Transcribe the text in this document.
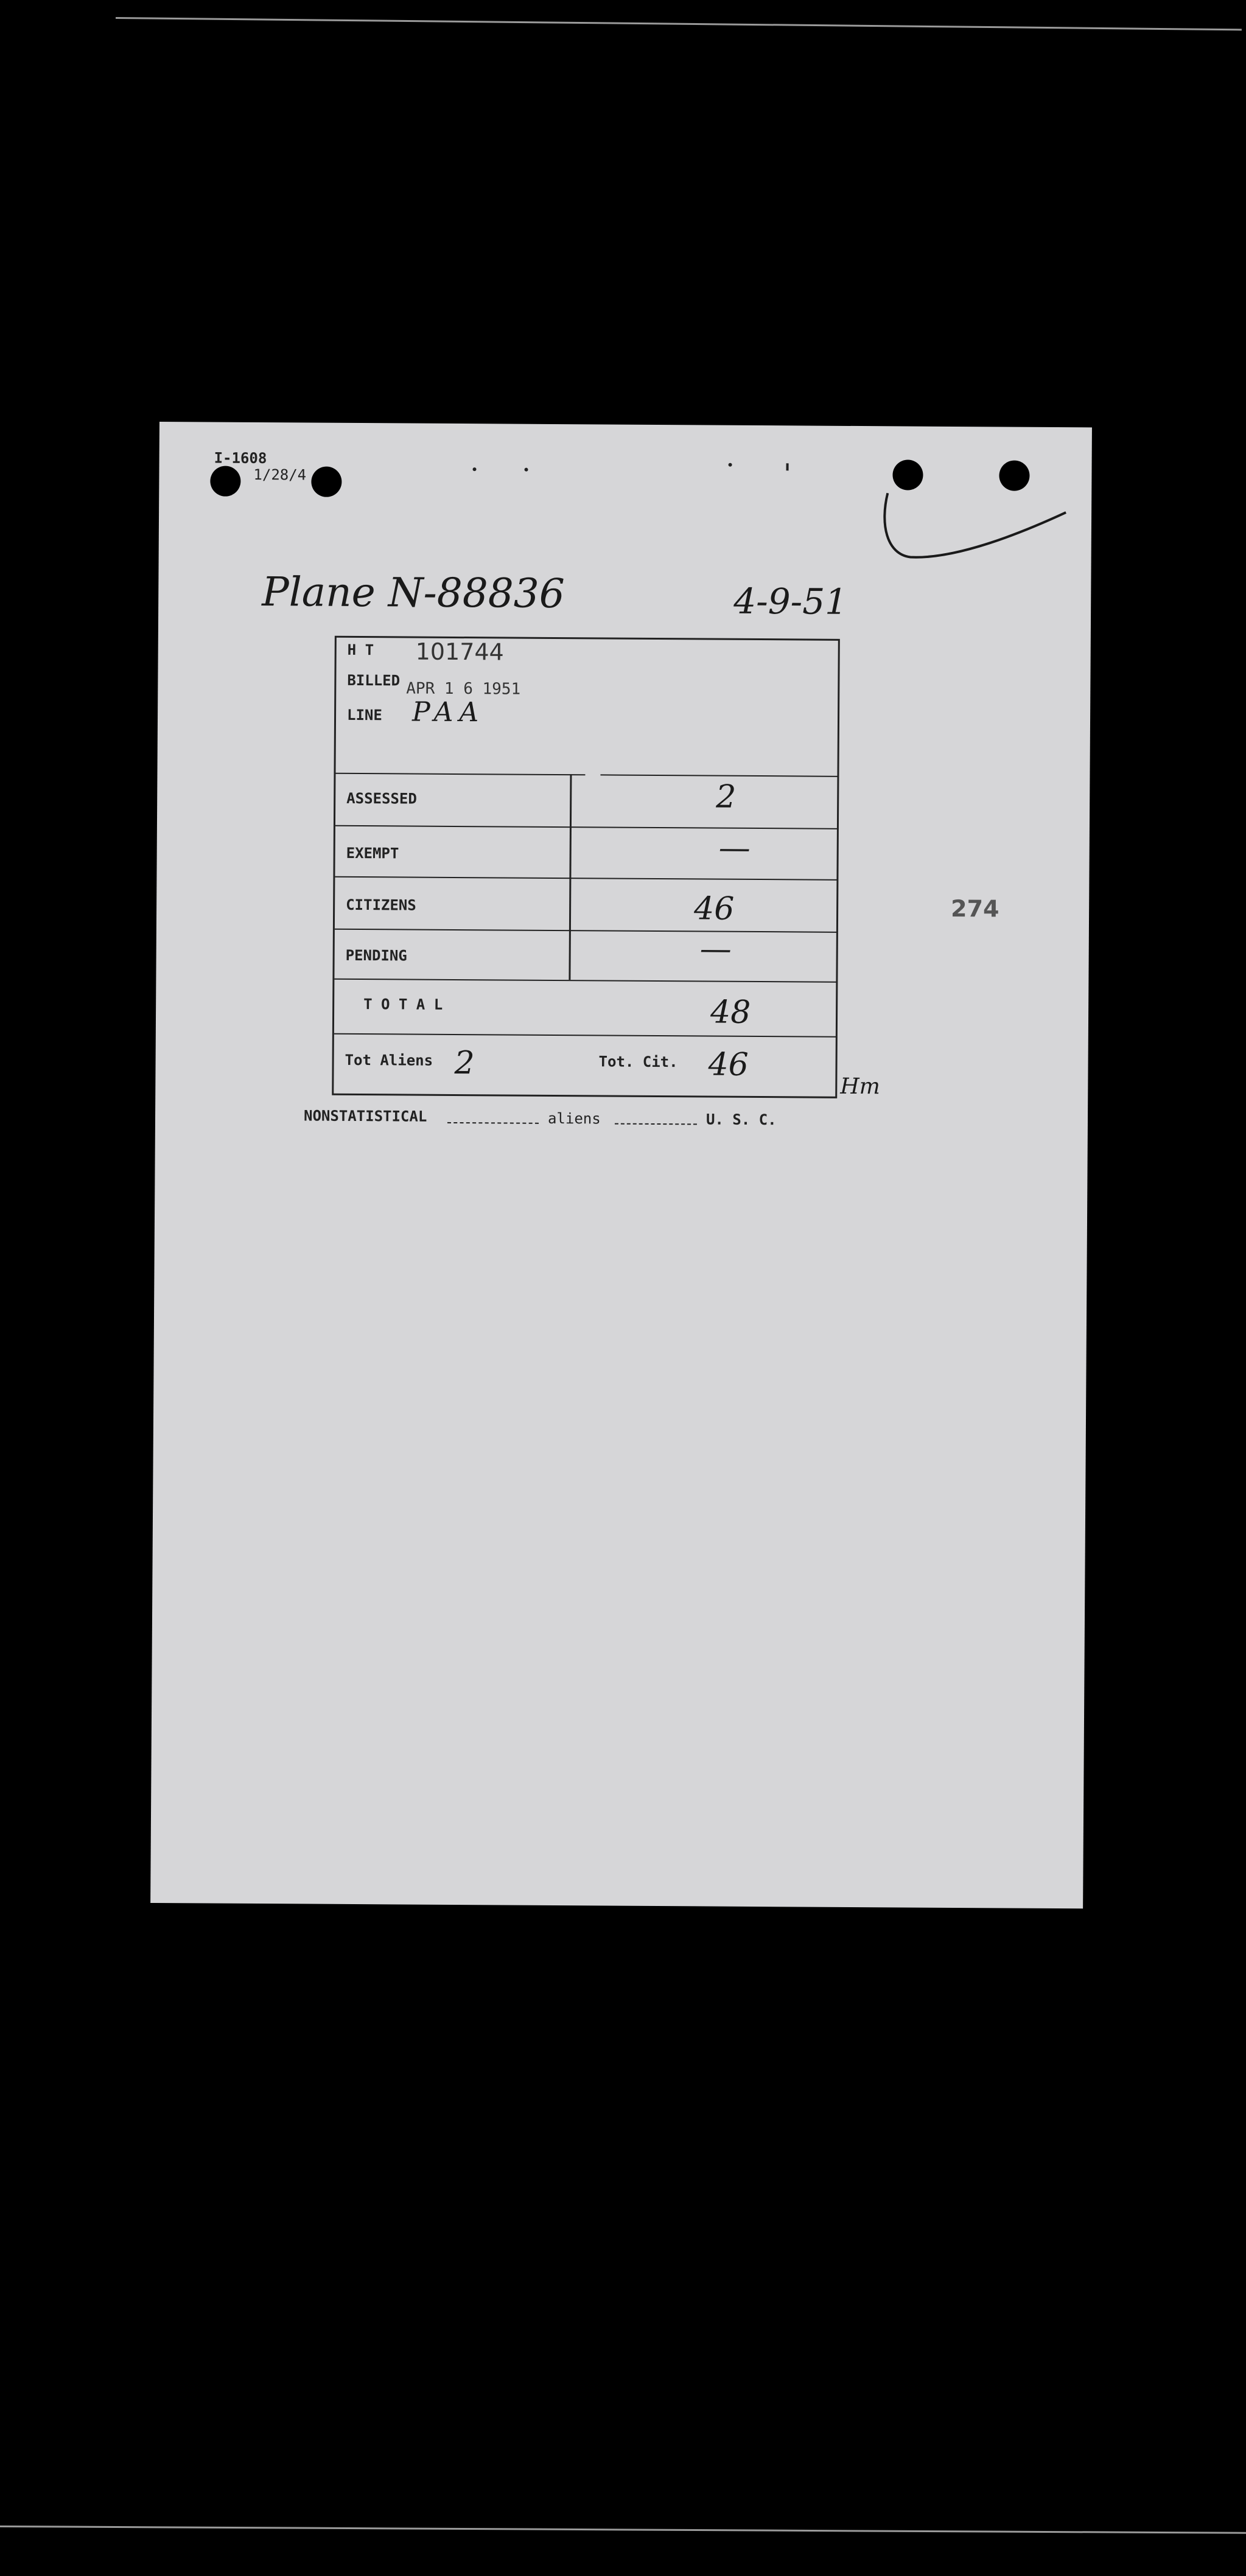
I-1608
1/28/4
Plane N-88836	4-9-51
H T 101744
BILLED APR 1 6 1951
LINE PAA
ASSESSED	2
EXEMPT	—
CITIZENS	46
PENDING	—
T O T A L	48
Tot Aliens 2	Tot. Cit. 46
Hm
NONSTATISTICAL	aliens	U. S. C.
274
